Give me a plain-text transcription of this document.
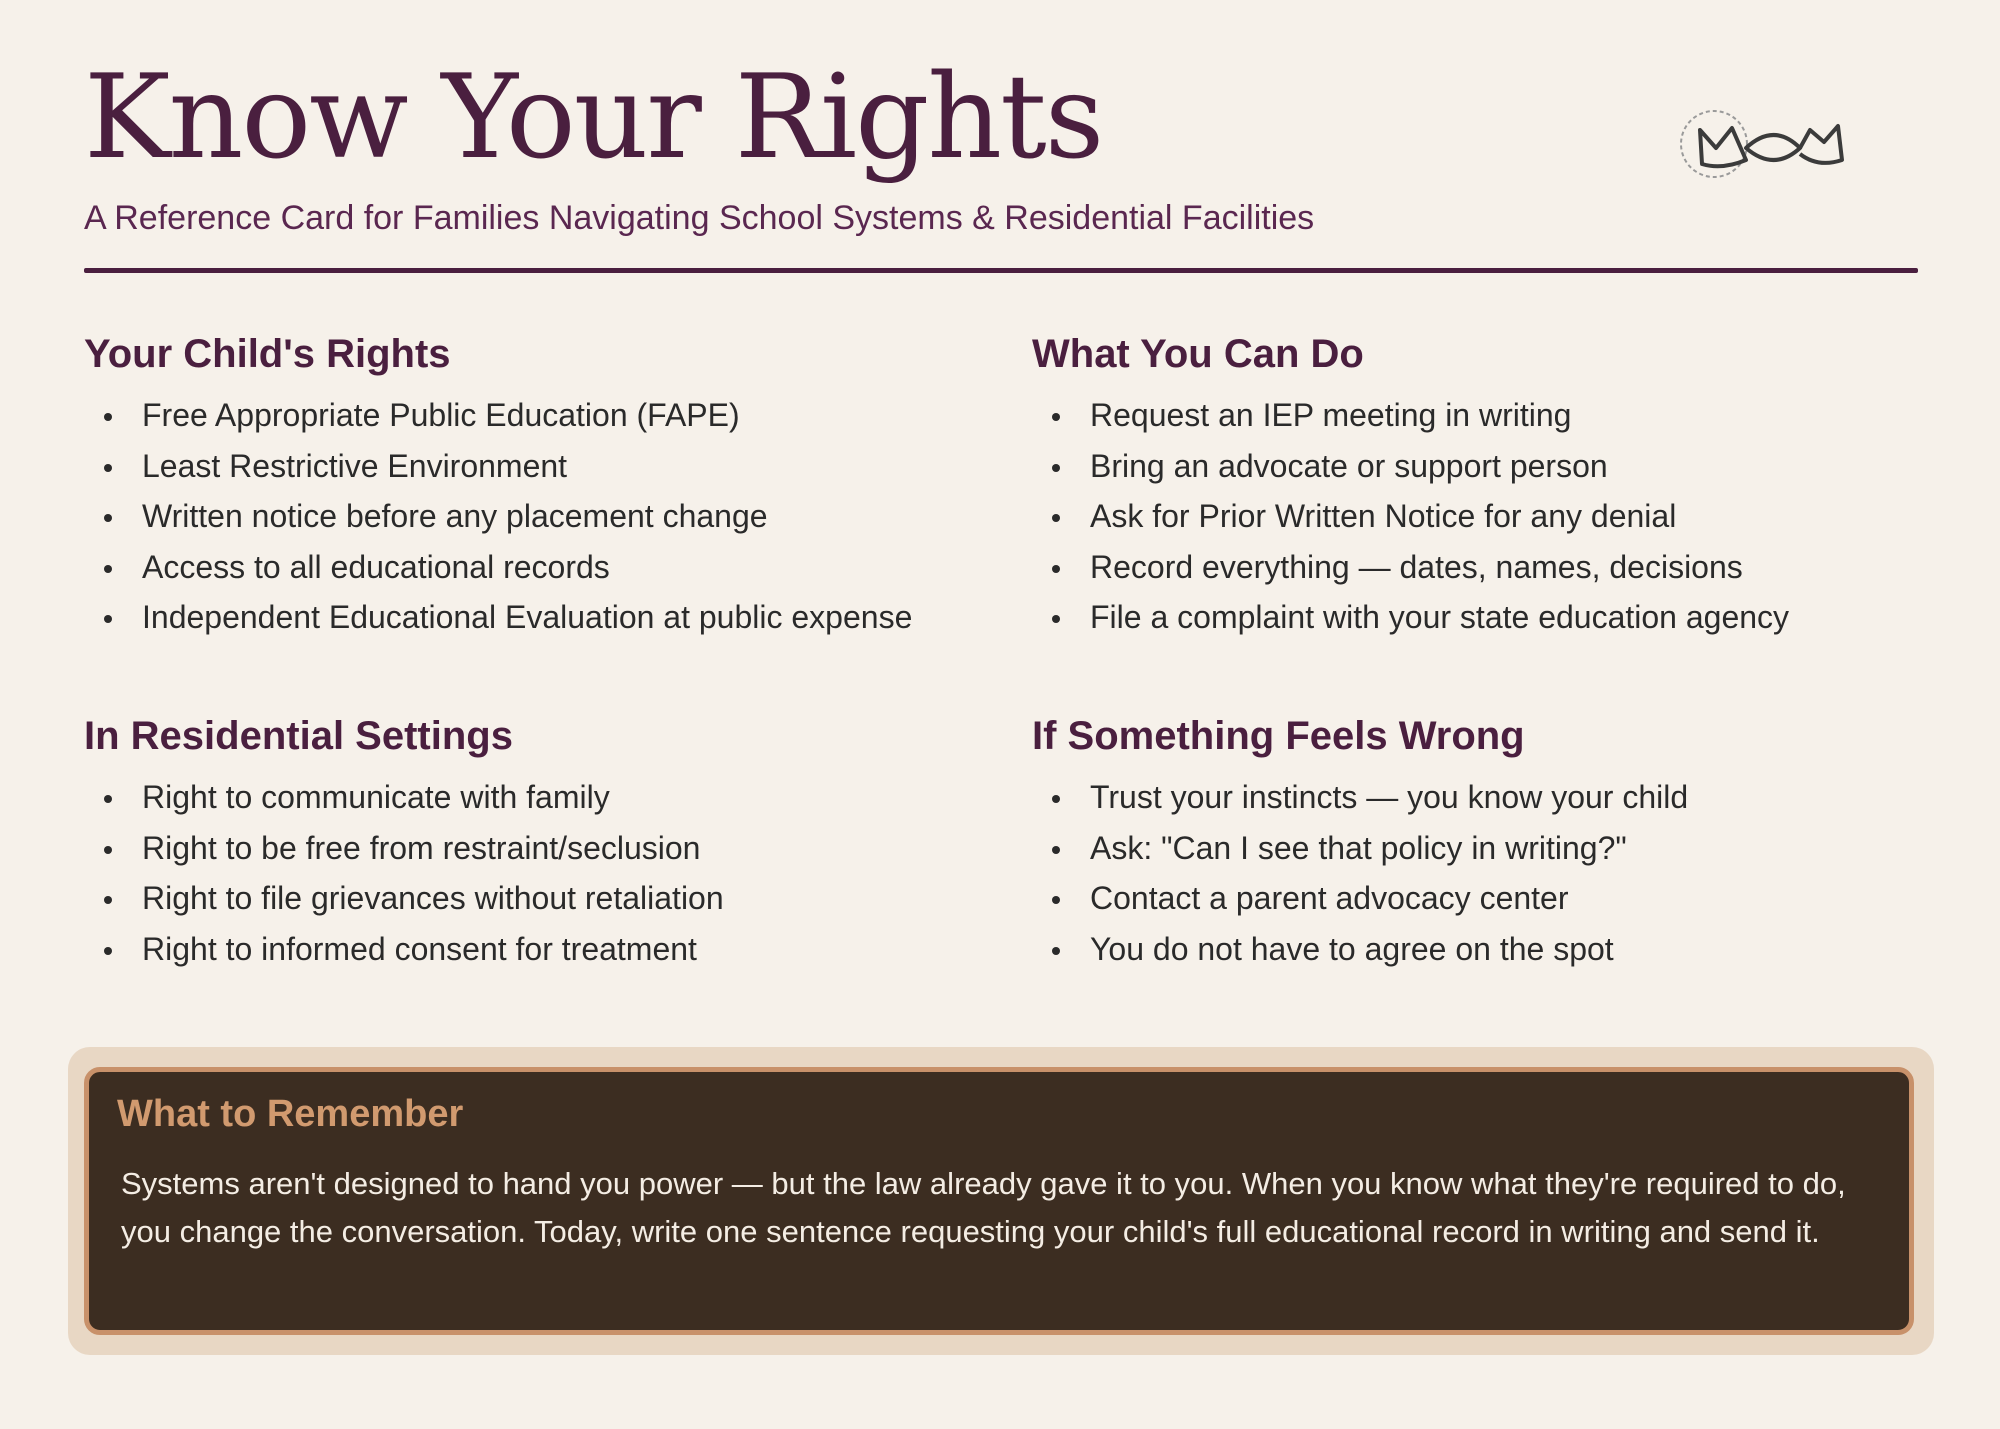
Know Your Rights

A Reference Card for Families Navigating School Systems & Residential Facilities

Your Child's Rights
Free Appropriate Public Education (FAPE)
Least Restrictive Environment
Written notice before any placement change
Access to all educational records
Independent Educational Evaluation at public expense
What You Can Do
Request an IEP meeting in writing
Bring an advocate or support person
Ask for Prior Written Notice for any denial
Record everything — dates, names, decisions
File a complaint with your state education agency
In Residential Settings
Right to communicate with family
Right to be free from restraint/seclusion
Right to file grievances without retaliation
Right to informed consent for treatment
If Something Feels Wrong
Trust your instincts — you know your child
Ask: "Can I see that policy in writing?"
Contact a parent advocacy center
You do not have to agree on the spot
What to Remember

Systems aren't designed to hand you power — but the law already gave it to you. When you know what they're required to do, you change the conversation. Today, write one sentence requesting your child's full educational record in writing and send it.
